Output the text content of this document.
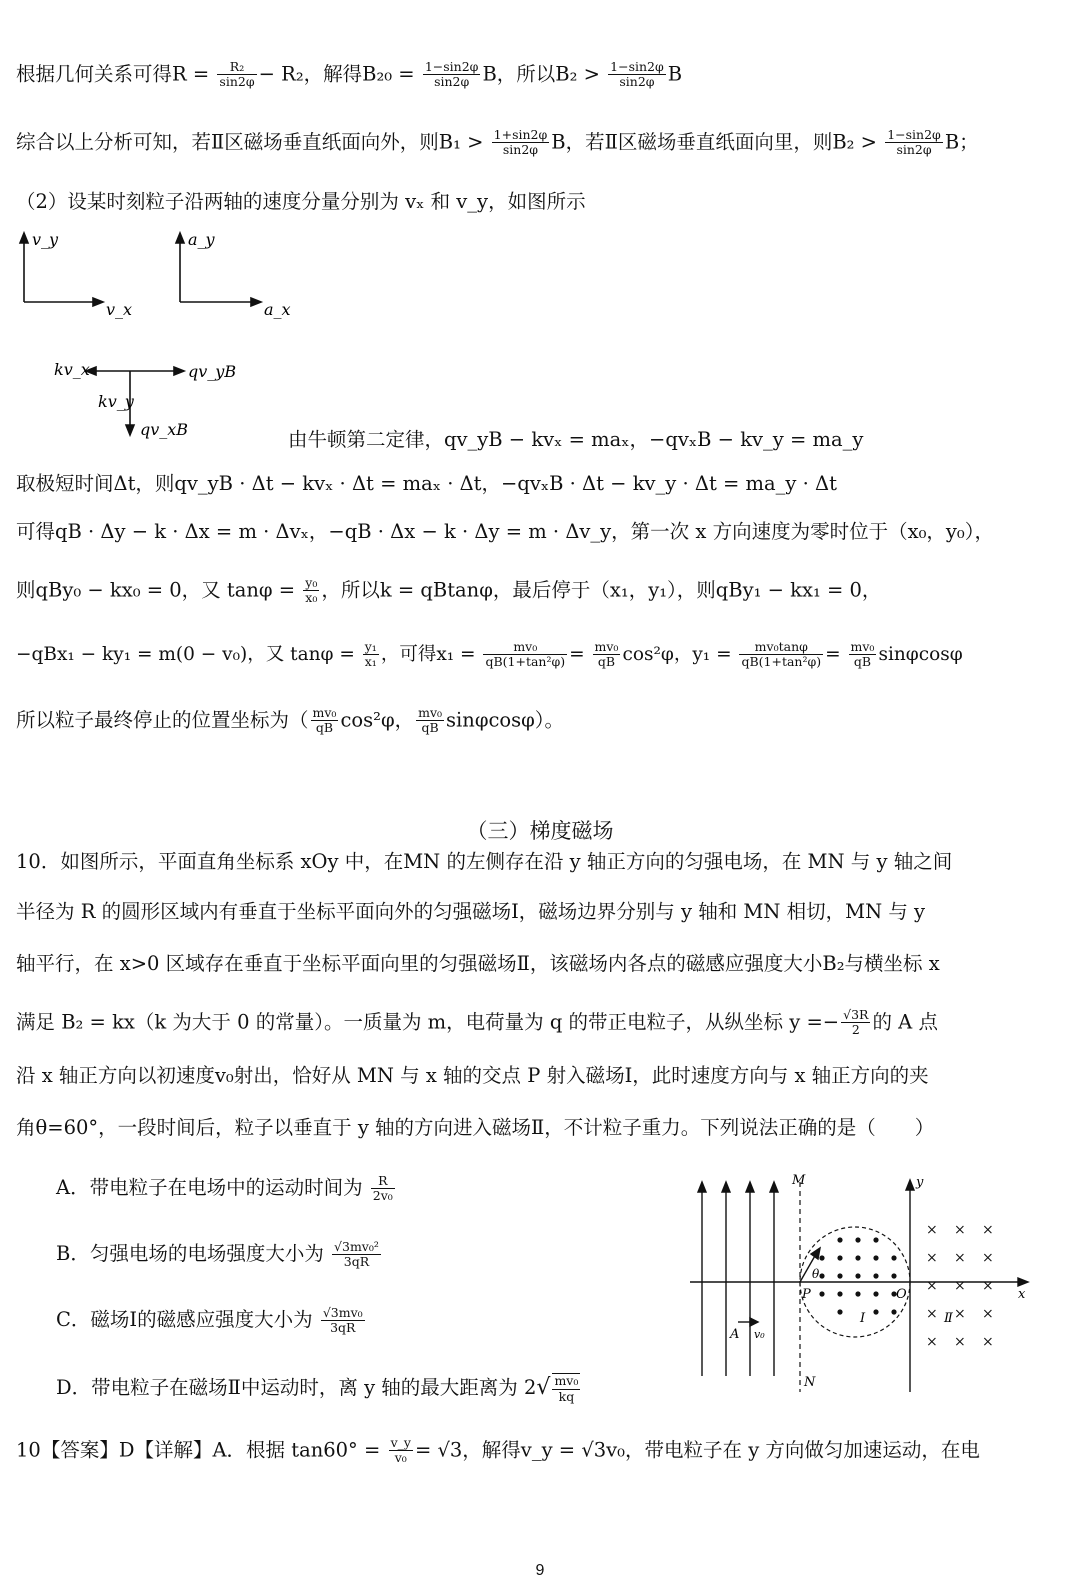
根据几何关系可得$R = \frac{\text{R₂}}{\sin 2\varphi} - R_2$，解得$B_{20} = \frac{1-\sin 2\varphi}{\sin 2\varphi}$ B，所以$B_2 > \frac{1-\sin 2\varphi}{\sin 2\varphi}$ B
综合以上分析可知，若Ⅱ区磁场垂直纸面向外，则$B_1 > \frac{1+\sin 2\varphi}{\sin 2\varphi}$ B，若Ⅱ区磁场垂直纸面向里，则$B_2 > \frac{1-\sin 2\varphi}{\sin 2\varphi}$ B；
（2）设某时刻粒子沿两轴的速度分量分别为 vₓ 和 v_y，如图所示
v_y
v_x
a_y
a_x
kv_x	qv_yB
kv_y
qv_xB	由牛顿第二定律，qv_yB − kvₓ = maₓ，−qvₓB − kv_y = ma_y
取极短时间Δt，则qv_yB · Δt − kvₓ · Δt = maₓ · Δt，−qvₓB · Δt − kv_y · Δt = ma_y · Δt
可得qB · Δy − k · Δx = m · Δvₓ，−qB · Δx − k · Δy = m · Δv_y，第一次 x 方向速度为零时位于（x₀，y₀），
则qBy₀ − kx₀ = 0，又 $\tan\varphi = \frac{\text{y₀}}{\text{x₀}}$ ，所以k = qBtanφ，最后停于（x₁，y₁），则qBy₁ − kx₁ = 0，
−qBx₁ − ky₁ = m(0 − v₀)，又 $\tan\varphi = \frac{\text{y₁}}{\text{x₁}}$ ，可得$x_1 = \frac{\text{mv₀}}{\text{qB(1+tan²φ)}} = \frac{\text{mv₀}}{qB} \cos^2\varphi$，$y_1 = \frac{\text{mv₀tanφ}}{\text{qB(1+tan²φ)}} = \frac{\text{mv₀}}{qB}$ sinφcosφ
所以粒子最终停止的位置坐标为（ $\frac{\text{mv₀}}{qB} \cos^2\varphi$， $\frac{\text{mv₀}}{qB} \sin\varphi\cos\varphi$）。
（三）梯度磁场
10．如图所示，平面直角坐标系 xOy 中，在MN 的左侧存在沿 y 轴正方向的匀强电场，在 MN 与 y 轴之间
半径为 R 的圆形区域内有垂直于坐标平面向外的匀强磁场Ⅰ，磁场边界分别与 y 轴和 MN 相切，MN 与 y
轴平行，在 x>0 区域存在垂直于坐标平面向里的匀强磁场Ⅱ，该磁场内各点的磁感应强度大小B₂与横坐标 x
满足 B₂ = kx（k 为大于 0 的常量）。一质量为 m，电荷量为 q 的带正电粒子，从纵坐标 $y =- \frac{√3R}{2}$ 的 A 点
沿 x 轴正方向以初速度v₀射出，恰好从 MN 与 x 轴的交点 P 射入磁场Ⅰ，此时速度方向与 x 轴正方向的夹
角θ=60°，一段时间后，粒子以垂直于 y 轴的方向进入磁场Ⅱ，不计粒子重力。下列说法正确的是（　　）
A．带电粒子在电场中的运动时间为 $\frac{R}{\text{2v₀}}$
B．匀强电场的电场强度大小为 $\frac{\text{√3mv₀²}}{3qR}$
C．磁场Ⅰ的磁感应强度大小为 $\frac{\text{√3mv₀}}{3qR}$
D．带电粒子在磁场Ⅱ中运动时，离 y 轴的最大距离为 $2√ \frac{\text{mv₀}}{kq}$
× × ×
× × ×
× × ×
× × ×
× × ×
M
N
y
x
O
P
A v₀
θ
Ⅰ	Ⅱ
10【答案】D【详解】A．根据 $\tan 60^\circ = \frac{v\_y}{\text{v₀}} = √3$，解得v_y = √3v₀，带电粒子在 y 方向做匀加速运动，在电
9
